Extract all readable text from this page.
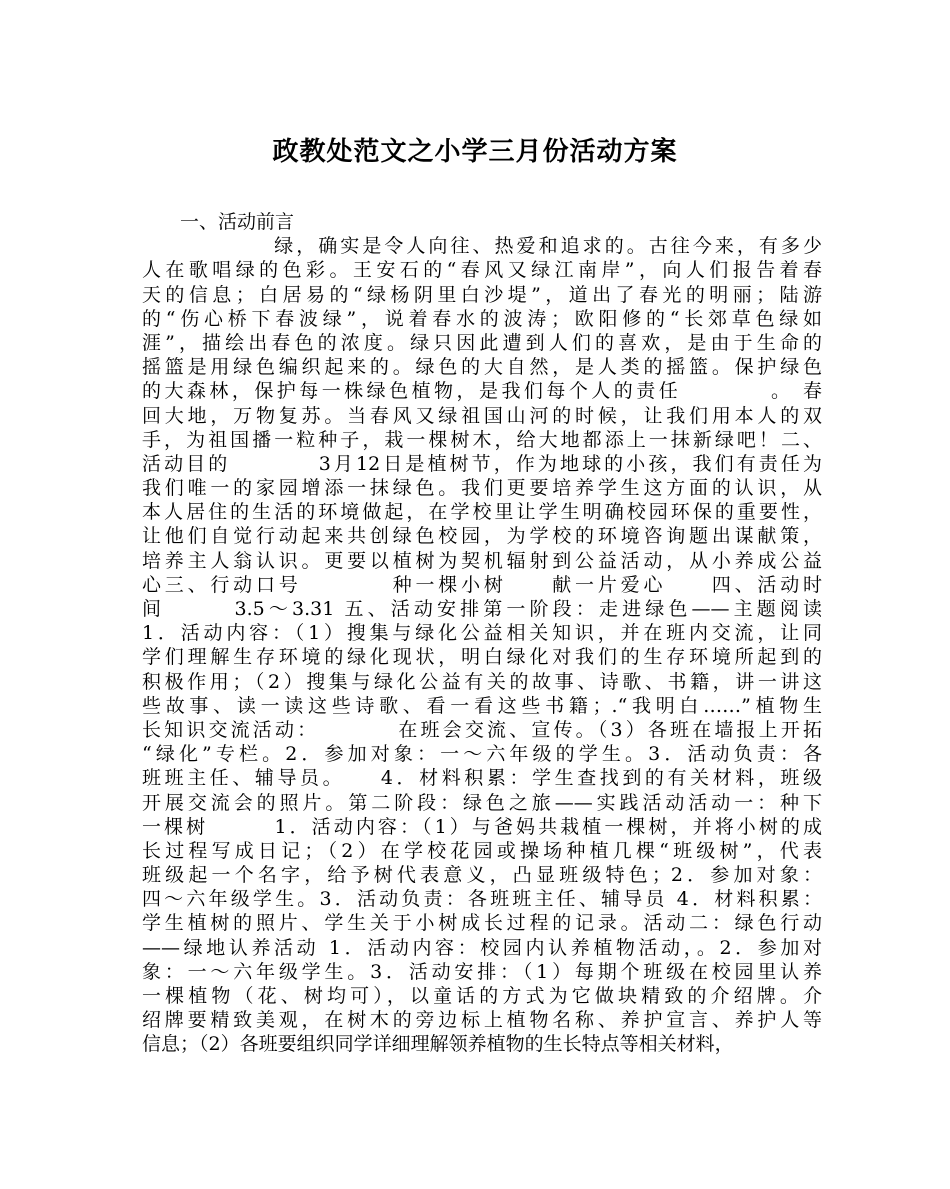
政教处范文之小学三月份活动方案
一、活动前言
　　　　　　绿，确实是令人向往、热爱和追求的。古往今来，有多少
人在歌唱绿的色彩。王安石的“春风又绿江南岸”，向人们报告着春
天的信息；白居易的“绿杨阴里白沙堤”，道出了春光的明丽；陆游
的“伤心桥下春波绿”，说着春水的波涛；欧阳修的“长郊草色绿如
涯”，描绘出春色的浓度。绿只因此遭到人们的喜欢，是由于生命的
摇篮是用绿色编织起来的。绿色的大自然，是人类的摇篮。保护绿色
的大森林，保护每一株绿色植物，是我们每个人的责任　　　　。 春
回大地，万物复苏。当春风又绿祖国山河的时候，让我们用本人的双
手，为祖国播一粒种子，栽一棵树木，给大地都添上一抹新绿吧！二、
活动目的　　　　3月12日是植树节，作为地球的小孩，我们有责任为
我们唯一的家园增添一抹绿色。我们更要培养学生这方面的认识，从
本人居住的生活的环境做起，在学校里让学生明确校园环保的重要性，
让他们自觉行动起来共创绿色校园，为学校的环境咨询题出谋献策，
培养主人翁认识。更要以植树为契机辐射到公益活动，从小养成公益
心三、行动口号　　　　种一棵小树　　献一片爱心　　四、活动时
间　　　3.5～3.31 五、活动安排第一阶段：走进绿色——主题阅读
1．活动内容：（1）搜集与绿化公益相关知识，并在班内交流，让同
学们理解生存环境的绿化现状，明白绿化对我们的生存环境所起到的
积极作用；（2）搜集与绿化公益有关的故事、诗歌、书籍，讲一讲这
些故事、读一读这些诗歌、看一看这些书籍；.“我明白……”植物生
长知识交流活动：　　　　在班会交流、宣传。（3）各班在墙报上开拓
“绿化”专栏。2．参加对象：一～六年级的学生。3．活动负责：各
班班主任、辅导员。　　4．材料积累：学生查找到的有关材料，班级
开展交流会的照片。第二阶段：绿色之旅——实践活动活动一：种下
一棵树　　　1．活动内容：（1）与爸妈共栽植一棵树，并将小树的成
长过程写成日记；（2）在学校花园或操场种植几棵“班级树”，代表
班级起一个名字，给予树代表意义，凸显班级特色；2．参加对象：
四～六年级学生。3．活动负责：各班班主任、辅导员 4．材料积累：
学生植树的照片、学生关于小树成长过程的记录。活动二：绿色行动
——绿地认养活动 1．活动内容：校园内认养植物活动，。2．参加对
象：一～六年级学生。3．活动安排：（1）每期个班级在校园里认养
一棵植物（花、树均可），以童话的方式为它做块精致的介绍牌。介
绍牌要精致美观，在树木的旁边标上植物名称、养护宣言、养护人等
信息；（2）各班要组织同学详细理解领养植物的生长特点等相关材料，
